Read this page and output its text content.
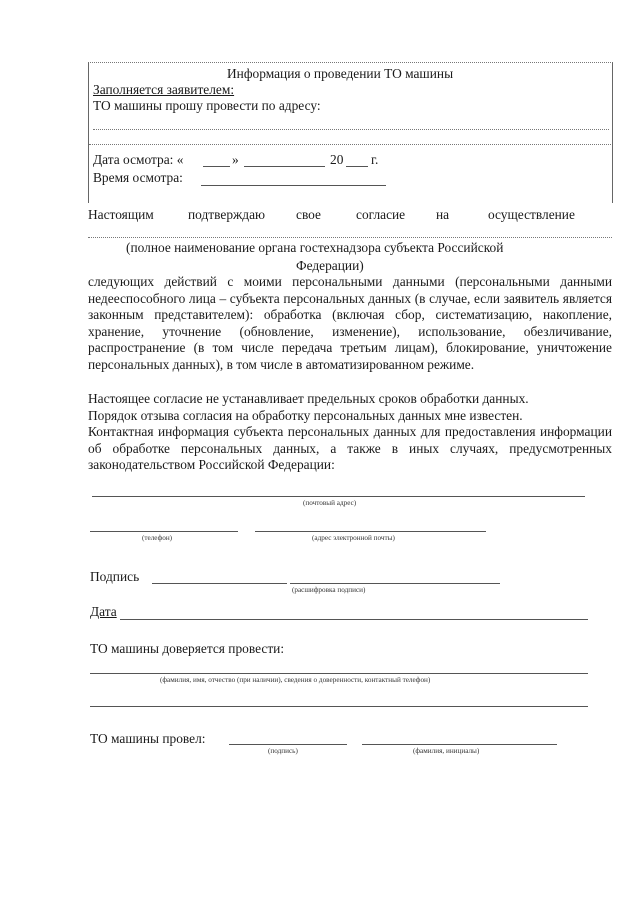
Информация о проведении ТО машины
Заполняется заявителем:
ТО машины прошу провести по адресу:
Дата осмотра: «	»	20 г.
Время осмотра:
Настоящим	подтверждаю свое	согласие на	осуществление
(полное наименование органа гостехнадзора субъекта Российской
Федерации)
следующих действий с моими персональными данными (персональными данными недееспособного лица – субъекта персональных данных (в случае, если заявитель является законным представителем): обработка (включая сбор, систематизацию, накопление, хранение, уточнение (обновление, изменение), использование, обезличивание, распространение (в том числе передача третьим лицам), блокирование, уничтожение персональных данных), в том числе в автоматизированном режиме.
Настоящее согласие не устанавливает предельных сроков обработки данных.
Порядок отзыва согласия на обработку персональных данных мне известен.
Контактная информация субъекта персональных данных для предоставления информации об обработке персональных данных, а также в иных случаях, предусмотренных законодательством Российской Федерации:
(почтовый адрес)
(телефон)	(адрес электронной почты)
Подпись
(расшифровка подписи)
Дата
ТО машины доверяется провести:
(фамилия, имя, отчество (при наличии), сведения о доверенности, контактный телефон)
ТО машины провел:
(подпись)	(фамилия, инициалы)
